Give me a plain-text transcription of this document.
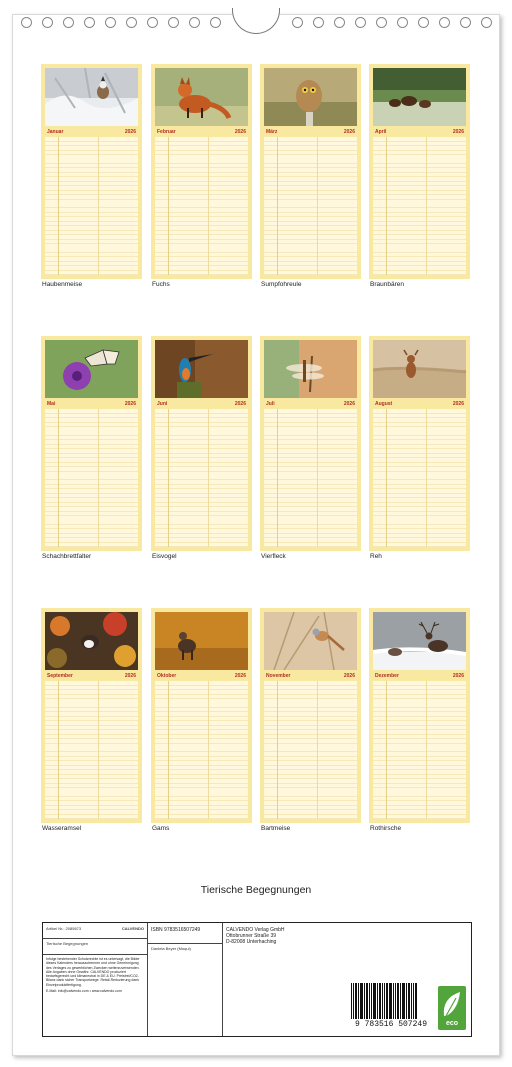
Januar	2026
Haubenmeise
Februar	2026
Fuchs
März	2026
Sumpfohreule
April	2026
Braunbären
Mai	2026
Schachbrettfalter
Juni	2026
Eisvogel
Juli	2026
Vierfleck
August	2026
Reh
September	2026
Wasseramsel
Oktober	2026
Gams
November	2026
Bartmeise
Dezember	2026
Rothirsche
Tierische Begegnungen
Artikel Nr.: 2085673	CALVENDO
Tierische Begegnungen
Infolge bestehender Schutzrechte ist es untersagt, die Bilder dieses Kalenders herauszutrennen und ohne Genehmigung des Verlages zu gewerblichen Zwecken weiterzuverwenden. Alle Angaben ohne Gewähr. CALVENDO produziert bedarfsgerecht und klimaneutral in DE & EU. Preisfrei/CO2-Bilanz dank sicher Transportwege. Retail-Reduzierung dank Einzelproduktfertigung.
E-Mail: info@calvendo.com • www.calvendo.com
ISBN 9783516507249
Daniela Beyer (Moqui)
CALVENDO Verlag GmbH
Ottobrunner Straße 39
D-82008 Unterhaching
9 783516 507249	eco
